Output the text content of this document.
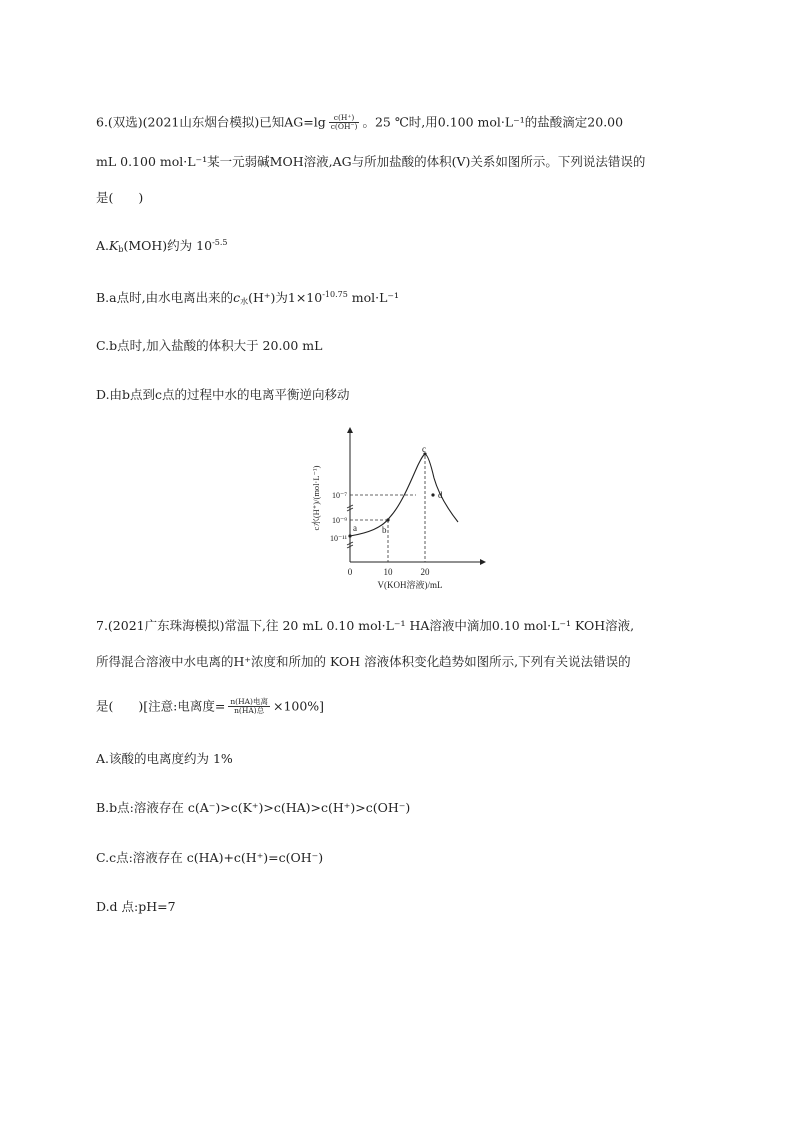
6.(双选)(2021山东烟台模拟)已知$AG=\lg \frac{c(H^+)}{c(OH^-)}$ 。25 ℃时,用0.100 mol·L⁻¹的盐酸滴定20.00
mL 0.100 mol·L⁻¹某一元弱碱MOH溶液,AG与所加盐酸的体积(V)关系如图所示。下列说法错误的
是(　　)
$A.K_b(MOH)$约为 $10^{-5.5}$
B.a点时,由水电离出来的$c_水(H^+)$为$1\times 10^{-10.75}$ mol·L⁻¹
C.b点时,加入盐酸的体积大于 20.00 mL
D.由b点到c点的过程中水的电离平衡逆向移动
a	b
c
d
10⁻⁷
10⁻⁹
10⁻¹¹
0	10	20
V(KOH溶液)/mL
c水(H⁺)/(mol·L⁻¹)
7.(2021广东珠海模拟)常温下,往 20 mL 0.10 mol·L⁻¹ HA溶液中滴加0.10 mol·L⁻¹ KOH溶液,
所得混合溶液中水电离的H⁺浓度和所加的 KOH 溶液体积变化趋势如图所示,下列有关说法错误的
是(　　)[注意:电离度= $\frac{\text{n(HA)电离}}{\text{n(HA)总}} \times 100\%$]
A.该酸的电离度约为 1%
B.b点:溶液存在 c(A⁻)>c(K⁺)>c(HA)>c(H⁺)>c(OH⁻)
C.c点:溶液存在 c(HA)+c(H⁺)=c(OH⁻)
D.d 点:pH=7
